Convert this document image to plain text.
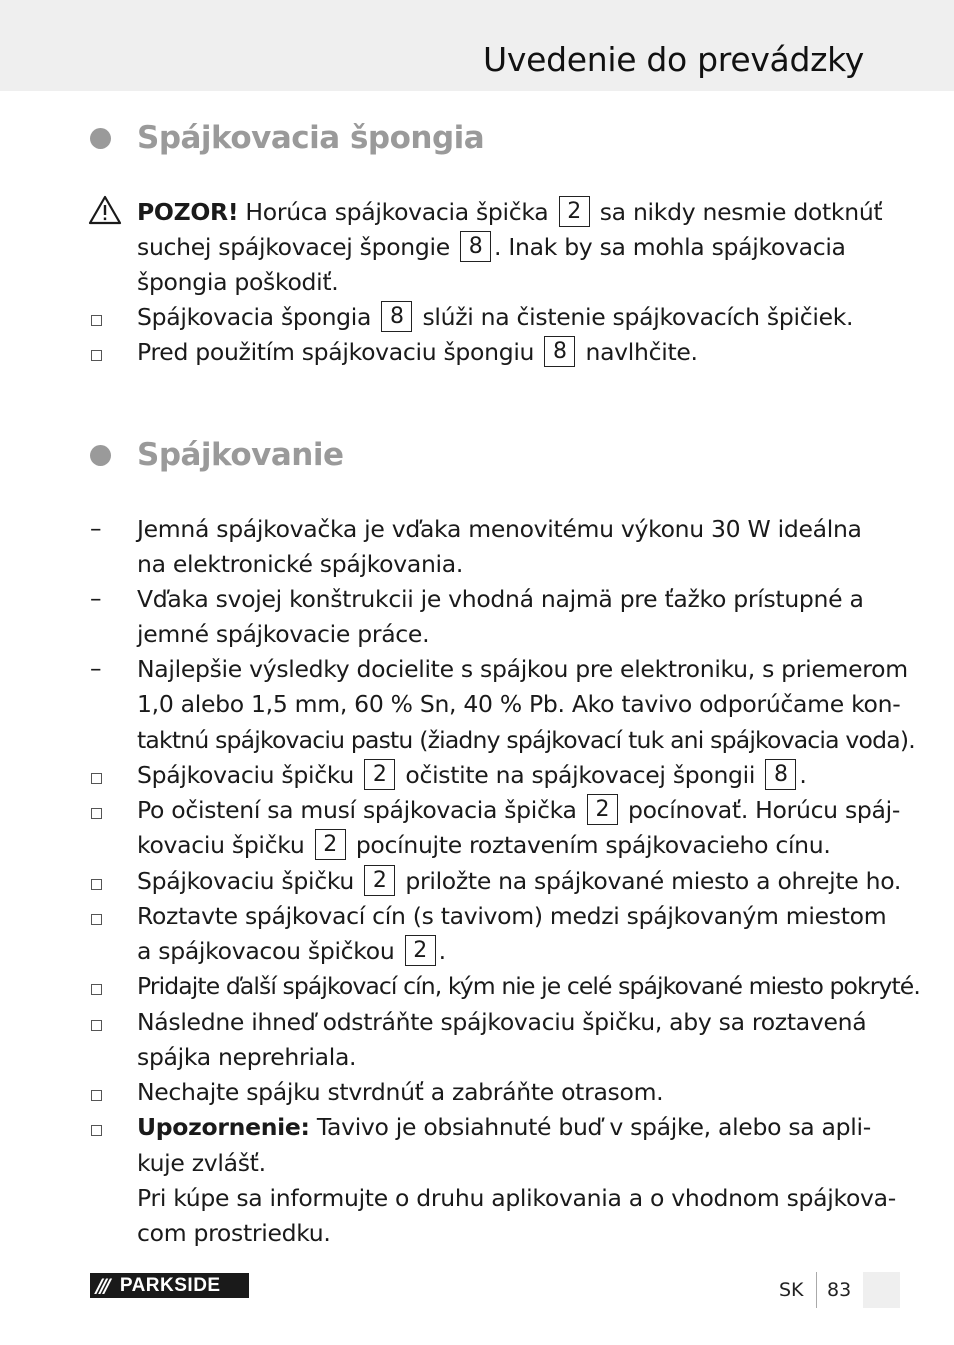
Uvedenie do prevádzky
Spájkovacia špongia
POZOR! Horúca spájkovacia špička 2 sa nikdy nesmie dotknúť
suchej spájkovacej špongie 8 . Inak by sa mohla spájkovacia
špongia poškodiť.
Spájkovacia špongia 8 slúži na čistenie spájkovacích špičiek.
Pred použitím spájkovaciu špongiu 8 navlhčite.
Spájkovanie
– Jemná spájkovačka je vďaka menovitému výkonu 30 W ideálna
na elektronické spájkovania.
– Vďaka svojej konštrukcii je vhodná najmä pre ťažko prístupné a
jemné spájkovacie práce.
– Najlepšie výsledky docielite s spájkou pre elektroniku, s priemerom
1,0 alebo 1,5 mm, 60 % Sn, 40 % Pb. Ako tavivo odporúčame kon-
taktnú spájkovaciu pastu (žiadny spájkovací tuk ani spájkovacia voda).
Spájkovaciu špičku 2 očistite na spájkovacej špongii 8 .
Po očistení sa musí spájkovacia špička 2 pocínovať. Horúcu spáj-
kovaciu špičku 2 pocínujte roztavením spájkovacieho cínu.
Spájkovaciu špičku 2 priložte na spájkované miesto a ohrejte ho.
Roztavte spájkovací cín (s tavivom) medzi spájkovaným miestom
a spájkovacou špičkou 2 .
Pridajte ďalší spájkovací cín, kým nie je celé spájkované miesto pokryté.
Následne ihneď odstráňte spájkovaciu špičku, aby sa roztavená
spájka neprehriala.
Nechajte spájku stvrdnúť a zabráňte otrasom.
Upozornenie: Tavivo je obsiahnuté buď v spájke, alebo sa apli-
kuje zvlášť.
Pri kúpe sa informujte o druhu aplikovania a o vhodnom spájkova-
com prostriedku.
/// PARKSIDE	SK 83
